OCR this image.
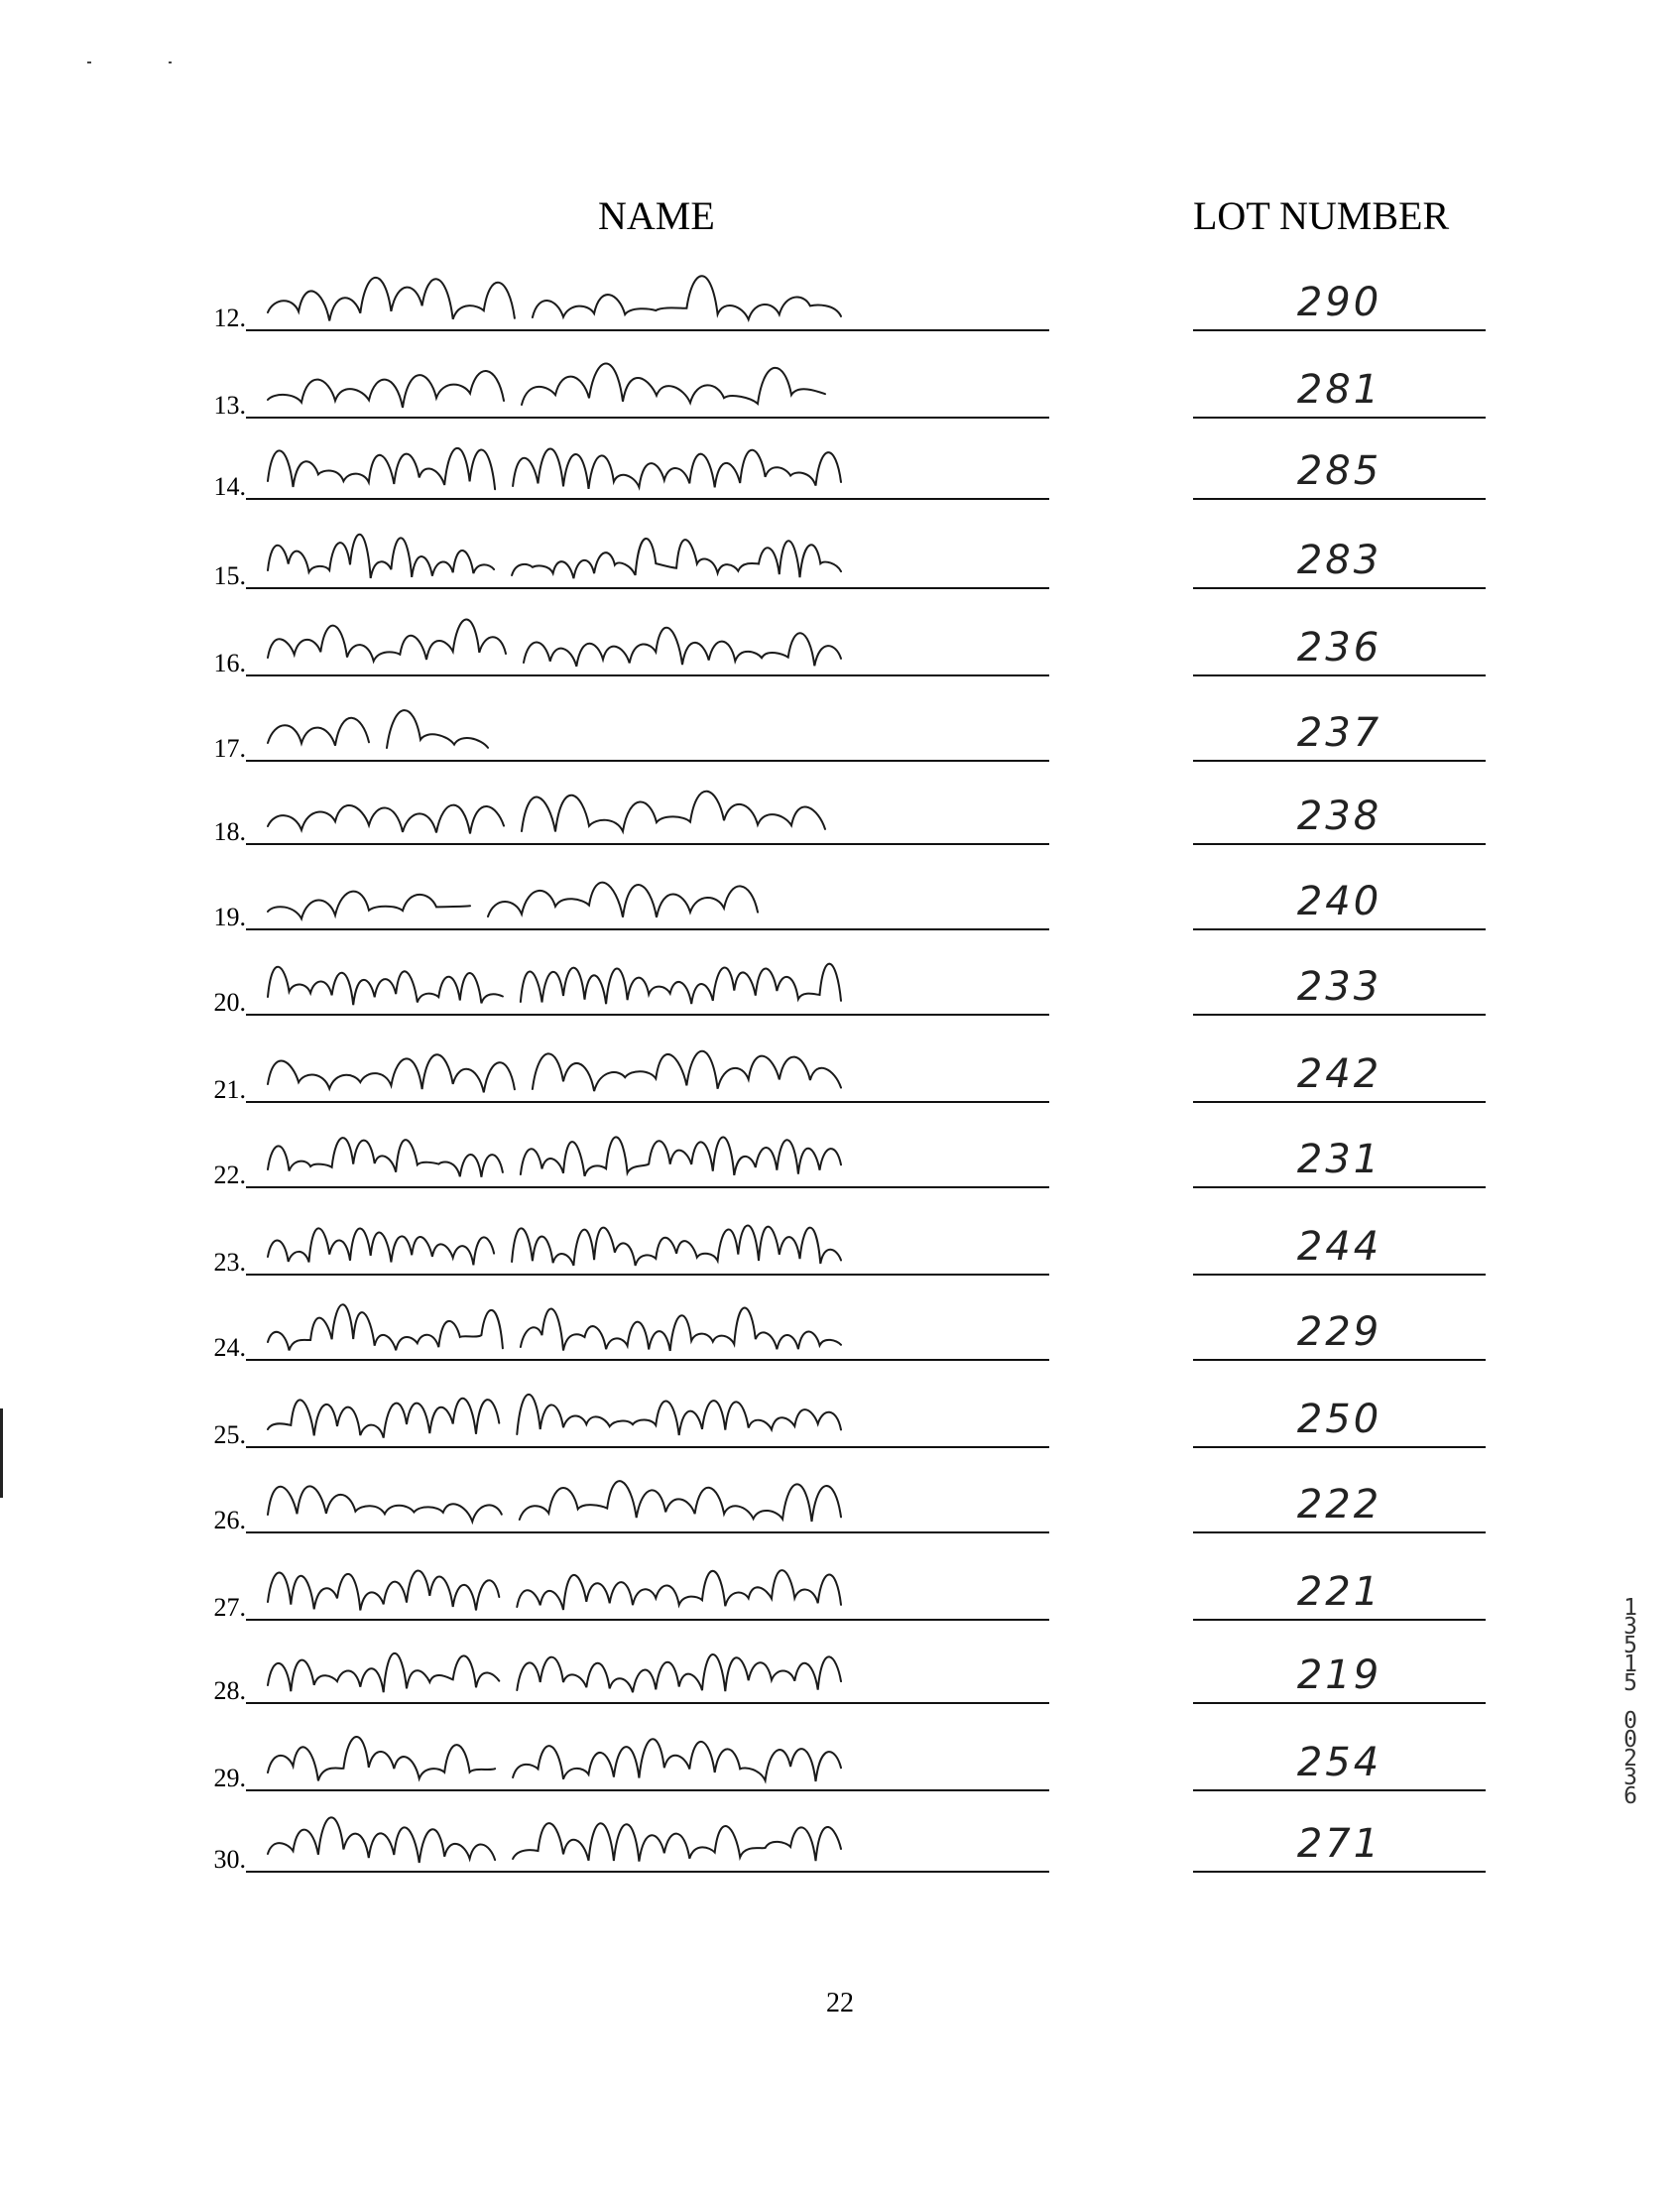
NAME	LOT NUMBER
12.	290
13.	281
14.	285
15.	283
16.	236
17.	237
18.	238
19.	240
20.	233
21.	242
22.	231
23.	244
24.	229
25.	250
26.	222
27.	221
28.	219
29.	254
30.	271
22
1
3
5
1
5

0
0
2
3
6
